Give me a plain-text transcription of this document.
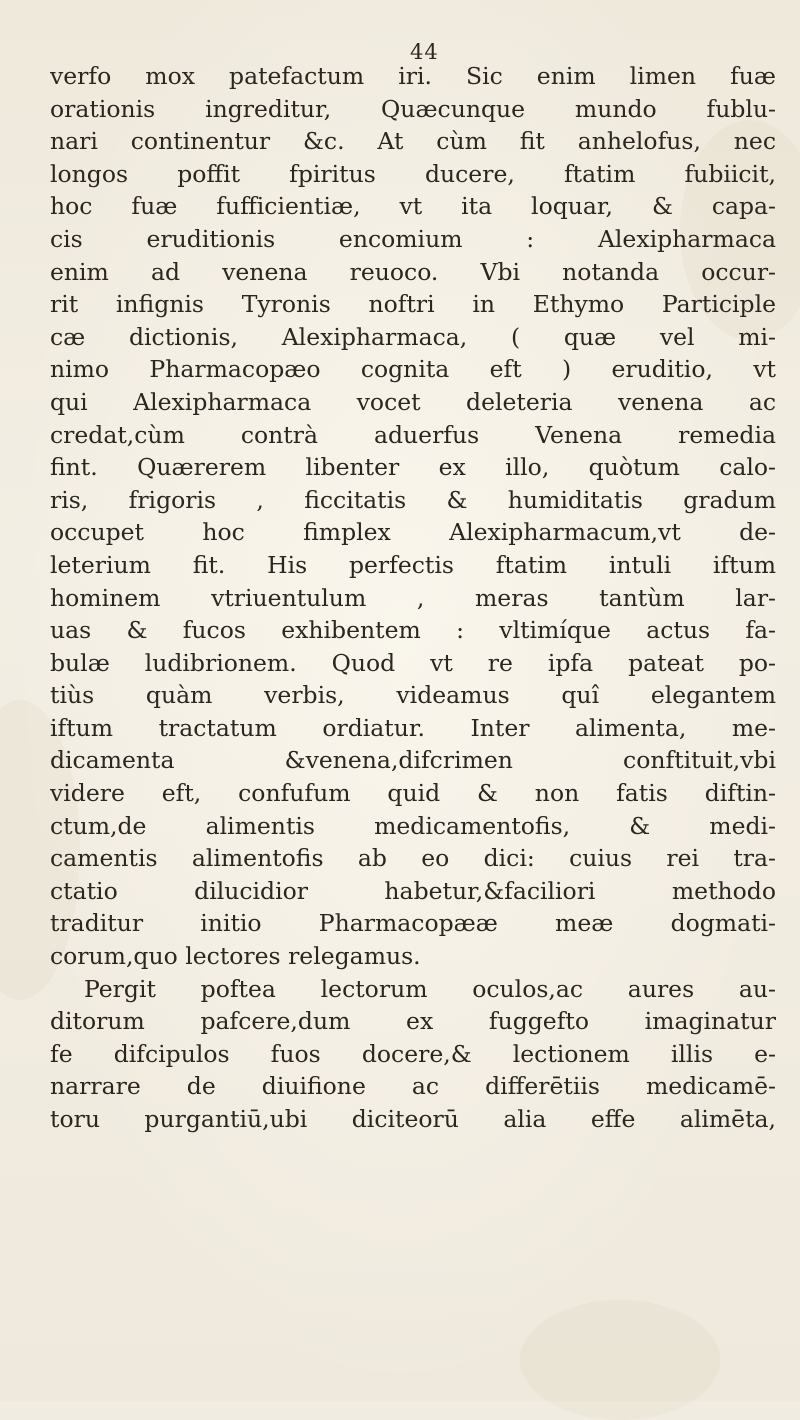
44
verfo mox patefactum iri. Sic enim limen fuæ
orationis ingreditur, Quæcunque mundo fublu-
nari continentur &c. At cùm fit anhelofus, nec
longos poffit fpiritus ducere, ftatim fubiicit,
hoc fuæ fufficientiæ, vt ita loquar, & capa-
cis eruditionis encomium : Alexipharmaca
enim ad venena reuoco. Vbi notanda occur-
rit infignis Tyronis noftri in Ethymo Participle
cæ dictionis, Alexipharmaca, ( quæ vel mi-
nimo Pharmacopæo cognita eft ) eruditio, vt
qui Alexipharmaca vocet deleteria venena ac
credat,cùm contrà aduerfus Venena remedia
fint. Quærerem libenter ex illo, quòtum calo-
ris, frigoris , ficcitatis & humiditatis gradum
occupet hoc fimplex Alexipharmacum,vt de-
leterium fit. His perfectis ftatim intuli iftum
hominem vtriuentulum , meras tantùm lar-
uas & fucos exhibentem : vltimíque actus fa-
bulæ ludibrionem. Quod vt re ipfa pateat po-
tiùs quàm verbis, videamus quî elegantem
iftum tractatum ordiatur. Inter alimenta, me-
dicamenta &venena,difcrimen conftituit,vbi
videre eft, confufum quid & non fatis diftin-
ctum,de alimentis medicamentofis, & medi-
camentis alimentofis ab eo dici: cuius rei tra-
ctatio dilucidior habetur,&faciliori methodo
traditur initio Pharmacopææ meæ dogmati-
corum,quo lectores relegamus.
Pergit poftea lectorum oculos,ac aures au-
ditorum pafcere,dum ex fuggefto imaginatur
fe difcipulos fuos docere,& lectionem illis e-
narrare de diuifione ac differētiis medicamē-
toru purgantiū,ubi diciteorū alia effe alimēta,
